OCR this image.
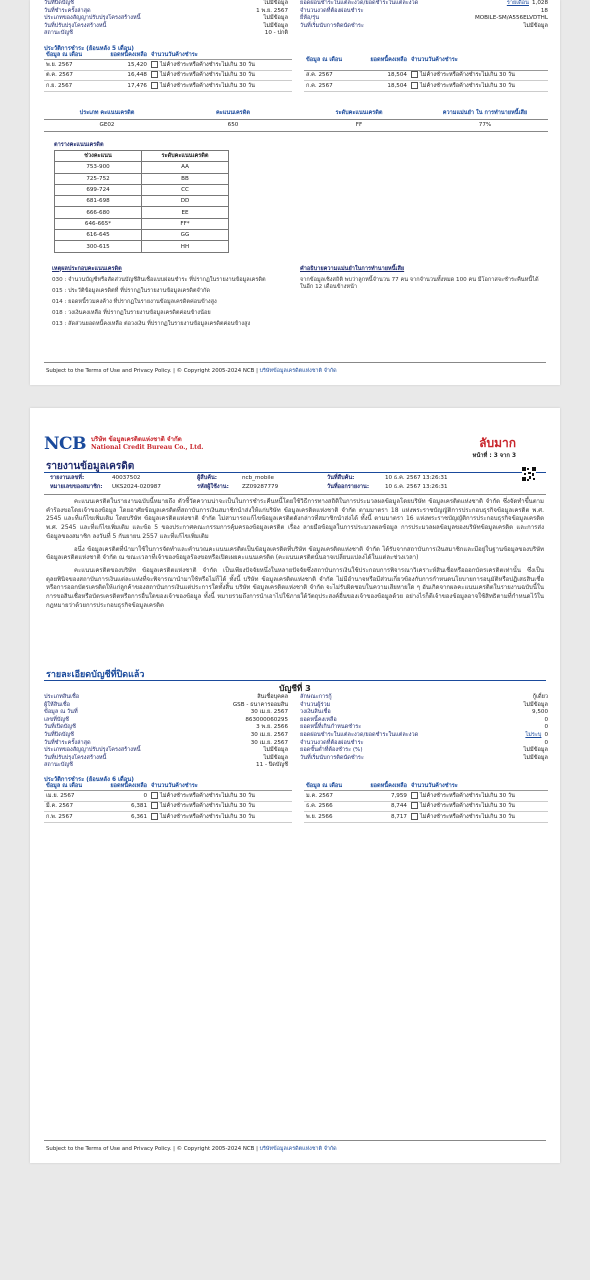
วันที่ปิดบัญชี	ไม่มีข้อมูล
วันที่ชำระครั้งล่าสุด	1 พ.ย. 2567
ประเภทของสัญญาปรับปรุงโครงสร้างหนี้	ไม่มีข้อมูล
วันที่ปรับปรุงโครงสร้างหนี้	ไม่มีข้อมูล
สถานะบัญชี	10 - ปกติ
ยอดผ่อนชำระในแต่ละงวด/ยอดชำระในแต่ละงวด	รายเดือน 1,028
จำนวนงวดที่ต้องผ่อนชำระ	18
ยี่ห้อ/รุ่น	MOBILE-SM/A556ELVDTHL
วันที่เริ่มนับการติดนัดชำระ	ไม่มีข้อมูล
ประวัติการชำระ (ย้อนหลัง 5 เดือน)
ข้อมูล ณ เดือน	ยอดหนี้คงเหลือ	จำนวนวันค้างชำระ
พ.ย. 2567	15,420	ไม่ค้างชำระหรือค้างชำระไม่เกิน 30 วัน
ต.ค. 2567	16,448	ไม่ค้างชำระหรือค้างชำระไม่เกิน 30 วัน
ก.ย. 2567	17,476	ไม่ค้างชำระหรือค้างชำระไม่เกิน 30 วัน
ข้อมูล ณ เดือน	ยอดหนี้คงเหลือ	จำนวนวันค้างชำระ
ส.ค. 2567	18,504	ไม่ค้างชำระหรือค้างชำระไม่เกิน 30 วัน
ก.ค. 2567	18,504	ไม่ค้างชำระหรือค้างชำระไม่เกิน 30 วัน
ประเภท คะแนนเครดิต	คะแนนเครดิต	ระดับคะแนนเครดิต	ความแม่นยำ ใน การทำนายหนี้เสีย
GE02	650	FF	77%
ตารางคะแนนเครดิต
ช่วงคะแนน	ระดับคะแนนเครดิต
753-900	AA
725-752	BB
699-724	CC
681-698	DD
666-680	EE
646-665*	FF*
616-645	GG
300-615	HH
เหตุผลประกอบคะแนนเครดิต
030 : จำนวนบัญชีหรือสัดส่วนบัญชีสินเชื่อแบบผ่อนชำระ ที่ปรากฏในรายงานข้อมูลเครดิต
015 : ประวัติข้อมูลเครดิตที่ ที่ปรากฏในรายงานข้อมูลเครดิตจำกัด
014 : ยอดหนี้รวมคงค้าง ที่ปรากฏในรายงานข้อมูลเครดิตค่อนข้างสูง
018 : วงเงินคงเหลือ ที่ปรากฏในรายงานข้อมูลเครดิตค่อนข้างน้อย
013 : สัดส่วนยอดหนี้คงเหลือ ต่อวงเงิน ที่ปรากฏในรายงานข้อมูลเครดิตค่อนข้างสูง
คำอธิบายความแม่นยำในการทำนายหนี้เสีย
จากข้อมูลเชิงสถิติ พบว่าลูกหนี้จำนวน 77 คน จากจำนวนทั้งหมด 100 คน มีโอกาสจะชำระคืนหนี้ได้ในอีก 12 เดือนข้างหน้า
Subject to the Terms of Use and Privacy Policy. | © Copyright 2005-2024 NCB | บริษัทข้อมูลเครดิตแห่งชาติ จำกัด
NCB บริษัท ข้อมูลเครดิตแห่งชาติ จำกัด
National Credit Bureau Co., Ltd.	ลับมาก
หน้าที่ : 3 จาก 3
รายงานข้อมูลเครดิต
รายงานเลขที่:	40037502	ผู้สืบค้น:	ncb_mobile	วันที่สืบค้น:	10 ธ.ค. 2567 13:26:31
หมายเลขของสมาชิก:	UKS2024-020987	รหัสผู้ใช้งาน:	ZZ09287779	วันที่ออกรายงาน:	10 ธ.ค. 2567 13:26:31
คะแนนเครดิตในรายงานฉบับนี้หมายถึง ตัวชี้วัดความน่าจะเป็นในการชำระคืนหนี้โดยใช้วิธีการทางสถิติในการประมวลผลข้อมูลโดยบริษัท ข้อมูลเครดิตแห่งชาติ จำกัด ซึ่งจัดทำขึ้นตามคำร้องขอโดยเจ้าของข้อมูล โดยอาศัยข้อมูลเครดิตที่สถาบันการเงินสมาชิกนำส่งให้แก่บริษัท ข้อมูลเครดิตแห่งชาติ จำกัด ตามมาตรา 18 แห่งพระราชบัญญัติการประกอบธุรกิจข้อมูลเครดิต พ.ศ. 2545 และที่แก้ไขเพิ่มเติม โดยบริษัท ข้อมูลเครดิตแห่งชาติ จำกัด ไม่สามารถแก้ไขข้อมูลเครดิตดังกล่าวที่สมาชิกนำส่งได้ ทั้งนี้ ตามมาตรา 16 แห่งพระราชบัญญัติการประกอบธุรกิจข้อมูลเครดิต พ.ศ. 2545 และที่แก้ไขเพิ่มเติม และข้อ 5 ของประกาศคณะกรรมการคุ้มครองข้อมูลเครดิต เรื่อง ลายมือข้อมูลในการประมวลผลข้อมูล การประมวลผลข้อมูลของบริษัทข้อมูลเครดิต และการส่งข้อมูลของสมาชิก ลงวันที่ 5 กันยายน 2557 และที่แก้ไขเพิ่มเติม
อนึ่ง ข้อมูลเครดิตที่นำมาใช้ในการจัดทำและคำนวณคะแนนเครดิตเป็นข้อมูลเครดิตที่บริษัท ข้อมูลเครดิตแห่งชาติ จำกัด ได้รับจากสถาบันการเงินสมาชิกและมีอยู่ในฐานข้อมูลของบริษัท ข้อมูลเครดิตแห่งชาติ จำกัด ณ ขณะเวลาที่เจ้าของข้อมูลร้องขอหรือเปิดเผยคะแนนเครดิต (คะแนนเครดิตนั้นอาจเปลี่ยนแปลงได้ในแต่ละช่วงเวลา)
คะแนนเครดิตของบริษัท ข้อมูลเครดิตแห่งชาติ จำกัด เป็นเพียงปัจจัยหนึ่งในหลายปัจจัยซึ่งสถาบันการเงินใช้ประกอบการพิจารณาวิเคราะห์สินเชื่อหรือออกบัตรเครดิตเท่านั้น ซึ่งเป็นดุลยพินิจของสถาบันการเงินแต่ละแห่งที่จะพิจารณานำมาใช้หรือไม่ก็ได้ ทั้งนี้ บริษัท ข้อมูลเครดิตแห่งชาติ จำกัด ไม่มีอำนาจหรือมีส่วนเกี่ยวข้องกับการกำหนดนโยบายการอนุมัติหรือปฏิเสธสินเชื่อหรือการออกบัตรเครดิตให้แก่ลูกค้าของสถาบันการเงินแต่ประการใดทั้งสิ้น บริษัท ข้อมูลเครดิตแห่งชาติ จำกัด จะไม่รับผิดชอบในความเสียหายใด ๆ อันเกิดจากผลคะแนนเครดิตในรายงานฉบับนี้ในการขอสินเชื่อหรือบัตรเครดิตหรือการอื่นใดของเจ้าของข้อมูล ทั้งนี้ หมายรวมถึงการนำเอาไปใช้ภายใต้วัตถุประสงค์อื่นของเจ้าของข้อมูลด้วย อย่างไรก็ดีเจ้าของข้อมูลอาจใช้สิทธิตามที่กำหนดไว้ในกฎหมายว่าด้วยการประกอบธุรกิจข้อมูลเครดิต
รายละเอียดบัญชีที่ปิดแล้ว
บัญชีที่ 3
ประเภทสินเชื่อ	สินเชื่อบุคคล
ผู้ให้สินเชื่อ	GSB - ธนาคารออมสิน
ข้อมูล ณ วันที่	30 เม.ย. 2567
เลขที่บัญชี	863000060295
วันที่เปิดบัญชี	3 พ.ย. 2566
วันที่ปิดบัญชี	30 เม.ย. 2567
วันที่ชำระครั้งล่าสุด	30 เม.ย. 2567
ประเภทของสัญญาปรับปรุงโครงสร้างหนี้	ไม่มีข้อมูล
วันที่ปรับปรุงโครงสร้างหนี้	ไม่มีข้อมูล
สถานะบัญชี	11 - ปิดบัญชี
ลักษณะการกู้	กู้เดี่ยว
จำนวนผู้ร่วม	ไม่มีข้อมูล
วงเงินสินเชื่อ	9,500
ยอดหนี้คงเหลือ	0
ยอดหนี้ที่เกินกำหนดชำระ	0
ยอดผ่อนชำระในแต่ละงวด/ยอดชำระในแต่ละงวด	ไม่ระบุ 0
จำนวนงวดที่ต้องผ่อนชำระ	0
ยอดขั้นต่ำที่ต้องชำระ (%)	ไม่มีข้อมูล
วันที่เริ่มนับการติดนัดชำระ	ไม่มีข้อมูล
ประวัติการชำระ (ย้อนหลัง 6 เดือน)
ข้อมูล ณ เดือน	ยอดหนี้คงเหลือ	จำนวนวันค้างชำระ
เม.ย. 2567	0	ไม่ค้างชำระหรือค้างชำระไม่เกิน 30 วัน
มี.ค. 2567	6,381	ไม่ค้างชำระหรือค้างชำระไม่เกิน 30 วัน
ก.พ. 2567	6,361	ไม่ค้างชำระหรือค้างชำระไม่เกิน 30 วัน
ข้อมูล ณ เดือน	ยอดหนี้คงเหลือ	จำนวนวันค้างชำระ
ม.ค. 2567	7,959	ไม่ค้างชำระหรือค้างชำระไม่เกิน 30 วัน
ธ.ค. 2566	8,744	ไม่ค้างชำระหรือค้างชำระไม่เกิน 30 วัน
พ.ย. 2566	8,717	ไม่ค้างชำระหรือค้างชำระไม่เกิน 30 วัน
Subject to the Terms of Use and Privacy Policy. | © Copyright 2005-2024 NCB | บริษัทข้อมูลเครดิตแห่งชาติ จำกัด
